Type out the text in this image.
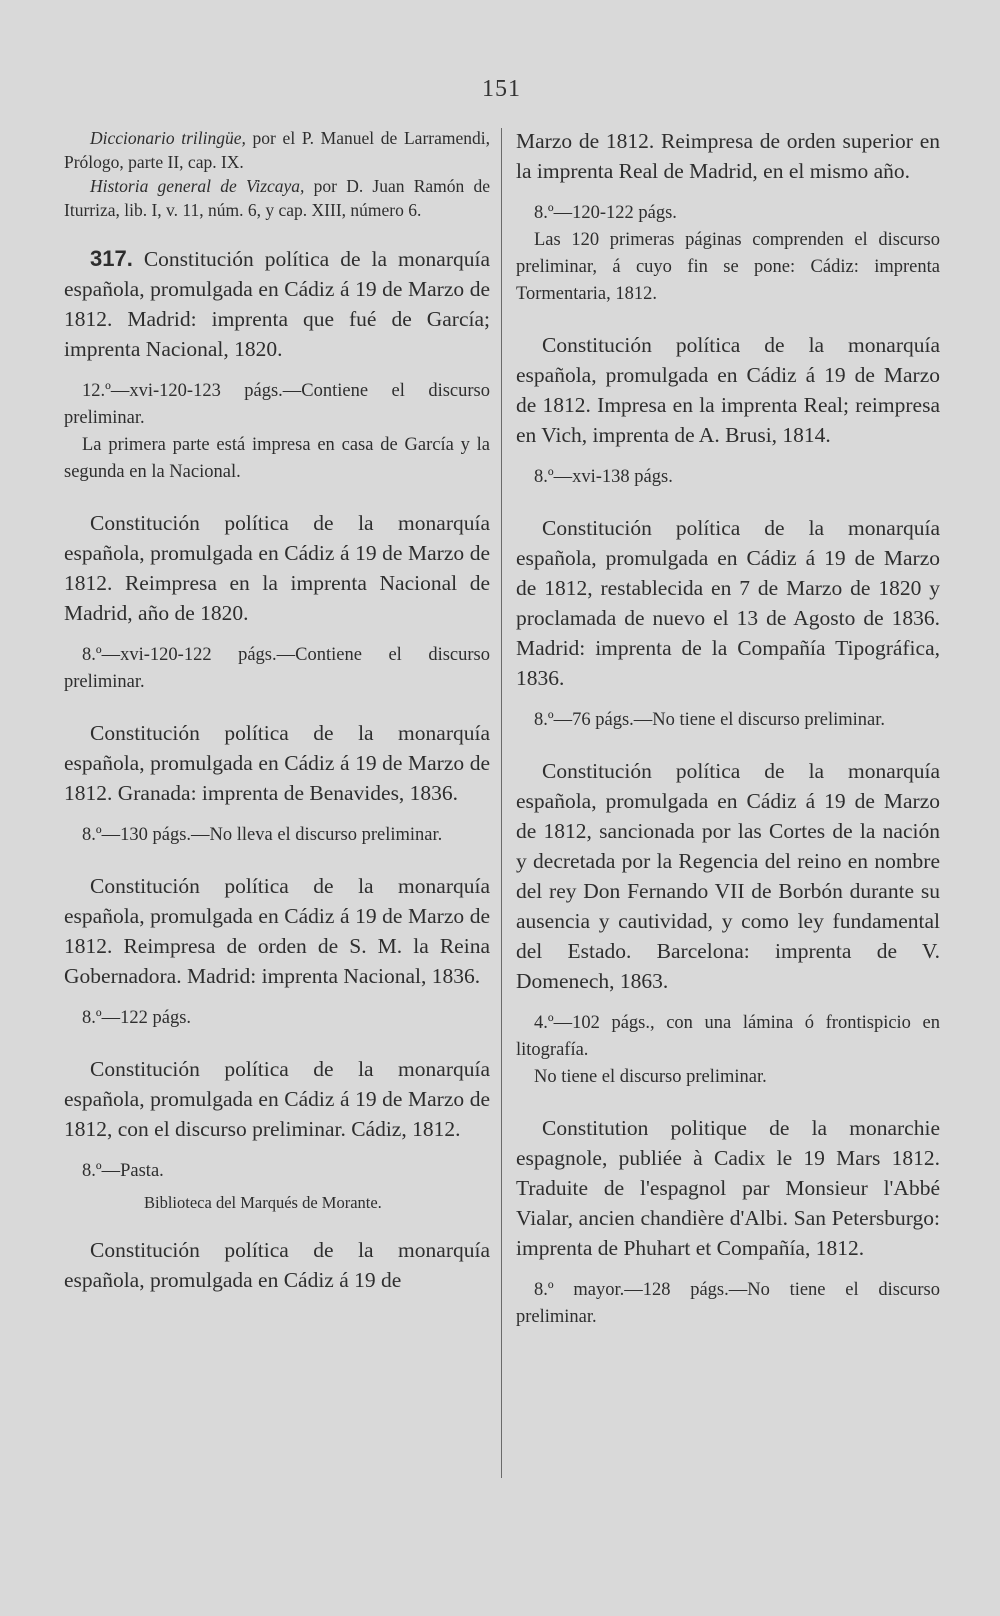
151

Diccionario trilingüe, por el P. Manuel de Larramendi, Prólogo, parte II, cap. IX.

Historia general de Vizcaya, por D. Juan Ramón de Iturriza, lib. I, v. 11, núm. 6, y cap. XIII, número 6.

317. Constitución política de la monarquía española, promulgada en Cádiz á 19 de Marzo de 1812. Madrid: imprenta que fué de García; imprenta Nacional, 1820.

12.º—xvi-120-123 págs.—Contiene el discurso preliminar.

La primera parte está impresa en casa de García y la segunda en la Nacional.

Constitución política de la monarquía española, promulgada en Cádiz á 19 de Marzo de 1812. Reimpresa en la imprenta Nacional de Madrid, año de 1820.

8.º—xvi-120-122 págs.—Contiene el discurso preliminar.

Constitución política de la monarquía española, promulgada en Cádiz á 19 de Marzo de 1812. Granada: imprenta de Benavides, 1836.

8.º—130 págs.—No lleva el discurso preliminar.

Constitución política de la monarquía española, promulgada en Cádiz á 19 de Marzo de 1812. Reimpresa de orden de S. M. la Reina Gobernadora. Madrid: imprenta Nacional, 1836.

8.º—122 págs.

Constitución política de la monarquía española, promulgada en Cádiz á 19 de Marzo de 1812, con el discurso preliminar. Cádiz, 1812.

8.º—Pasta.

Biblioteca del Marqués de Morante.

Constitución política de la monarquía española, promulgada en Cádiz á 19 de

Marzo de 1812. Reimpresa de orden superior en la imprenta Real de Madrid, en el mismo año.

8.º—120-122 págs.

Las 120 primeras páginas comprenden el discurso preliminar, á cuyo fin se pone: Cádiz: imprenta Tormentaria, 1812.

Constitución política de la monarquía española, promulgada en Cádiz á 19 de Marzo de 1812. Impresa en la imprenta Real; reimpresa en Vich, imprenta de A. Brusi, 1814.

8.º—xvi-138 págs.

Constitución política de la monarquía española, promulgada en Cádiz á 19 de Marzo de 1812, restablecida en 7 de Marzo de 1820 y proclamada de nuevo el 13 de Agosto de 1836. Madrid: imprenta de la Compañía Tipográfica, 1836.

8.º—76 págs.—No tiene el discurso preliminar.

Constitución política de la monarquía española, promulgada en Cádiz á 19 de Marzo de 1812, sancionada por las Cortes de la nación y decretada por la Regencia del reino en nombre del rey Don Fernando VII de Borbón durante su ausencia y cautividad, y como ley fundamental del Estado. Barcelona: imprenta de V. Domenech, 1863.

4.º—102 págs., con una lámina ó frontispicio en litografía.

No tiene el discurso preliminar.

Constitution politique de la monarchie espagnole, publiée à Cadix le 19 Mars 1812. Traduite de l'espagnol par Monsieur l'Abbé Vialar, ancien chandière d'Albi. San Petersburgo: imprenta de Phuhart et Compañía, 1812.

8.º mayor.—128 págs.—No tiene el discurso preliminar.
